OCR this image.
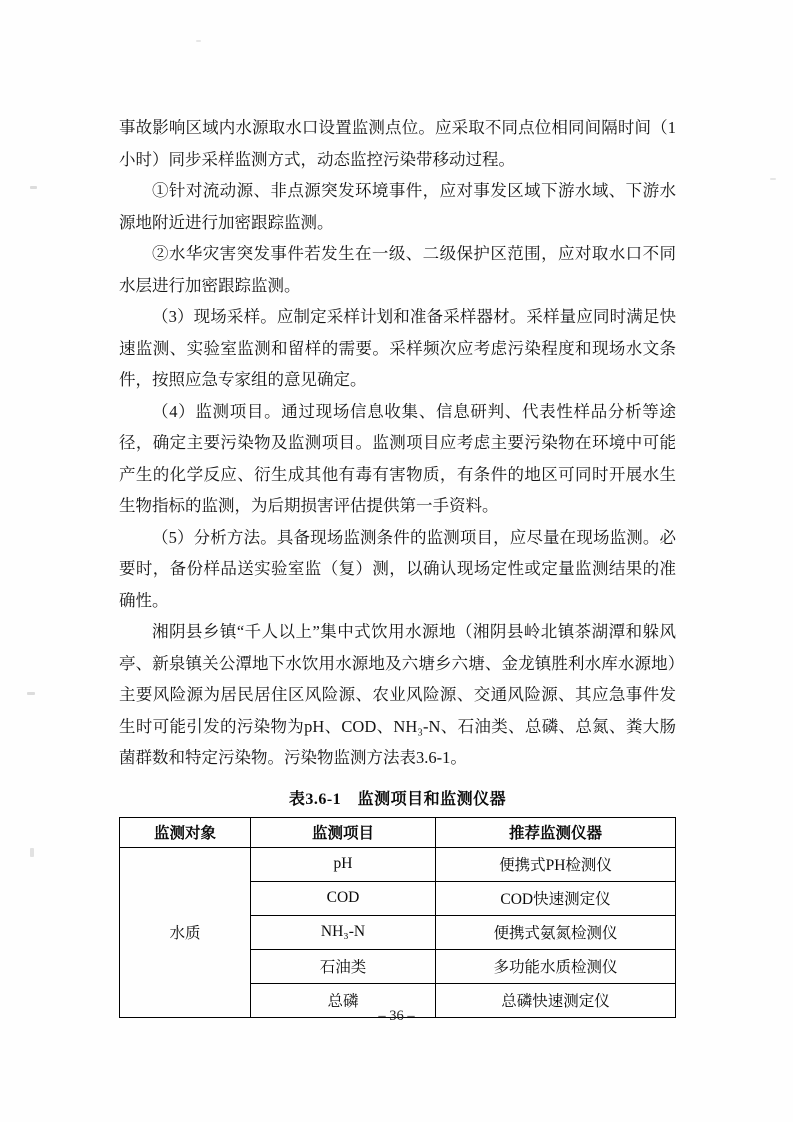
事故影响区域内水源取水口设置监测点位。应采取不同点位相同间隔时间（1小时）同步采样监测方式，动态监控污染带移动过程。

①针对流动源、非点源突发环境事件，应对事发区域下游水域、下游水源地附近进行加密跟踪监测。

②水华灾害突发事件若发生在一级、二级保护区范围，应对取水口不同水层进行加密跟踪监测。

（3）现场采样。应制定采样计划和准备采样器材。采样量应同时满足快速监测、实验室监测和留样的需要。采样频次应考虑污染程度和现场水文条件，按照应急专家组的意见确定。

（4）监测项目。通过现场信息收集、信息研判、代表性样品分析等途径，确定主要污染物及监测项目。监测项目应考虑主要污染物在环境中可能产生的化学反应、衍生成其他有毒有害物质，有条件的地区可同时开展水生生物指标的监测，为后期损害评估提供第一手资料。

（5）分析方法。具备现场监测条件的监测项目，应尽量在现场监测。必要时，备份样品送实验室监（复）测，以确认现场定性或定量监测结果的准确性。

湘阴县乡镇“千人以上”集中式饮用水源地（湘阴县岭北镇茶湖潭和躲风亭、新泉镇关公潭地下水饮用水源地及六塘乡六塘、金龙镇胜利水库水源地）主要风险源为居民居住区风险源、农业风险源、交通风险源、其应急事件发生时可能引发的污染物为pH、COD、NH₃-N、石油类、总磷、总氮、粪大肠菌群数和特定污染物。污染物监测方法表3.6-1。

表3.6-1　监测项目和监测仪器
监测对象	监测项目	推荐监测仪器
水质	pH	便携式PH检测仪
	COD	COD快速测定仪
	NH₃-N	便携式氨氮检测仪
	石油类	多功能水质检测仪
	总磷	总磷快速测定仪
– 36 –
